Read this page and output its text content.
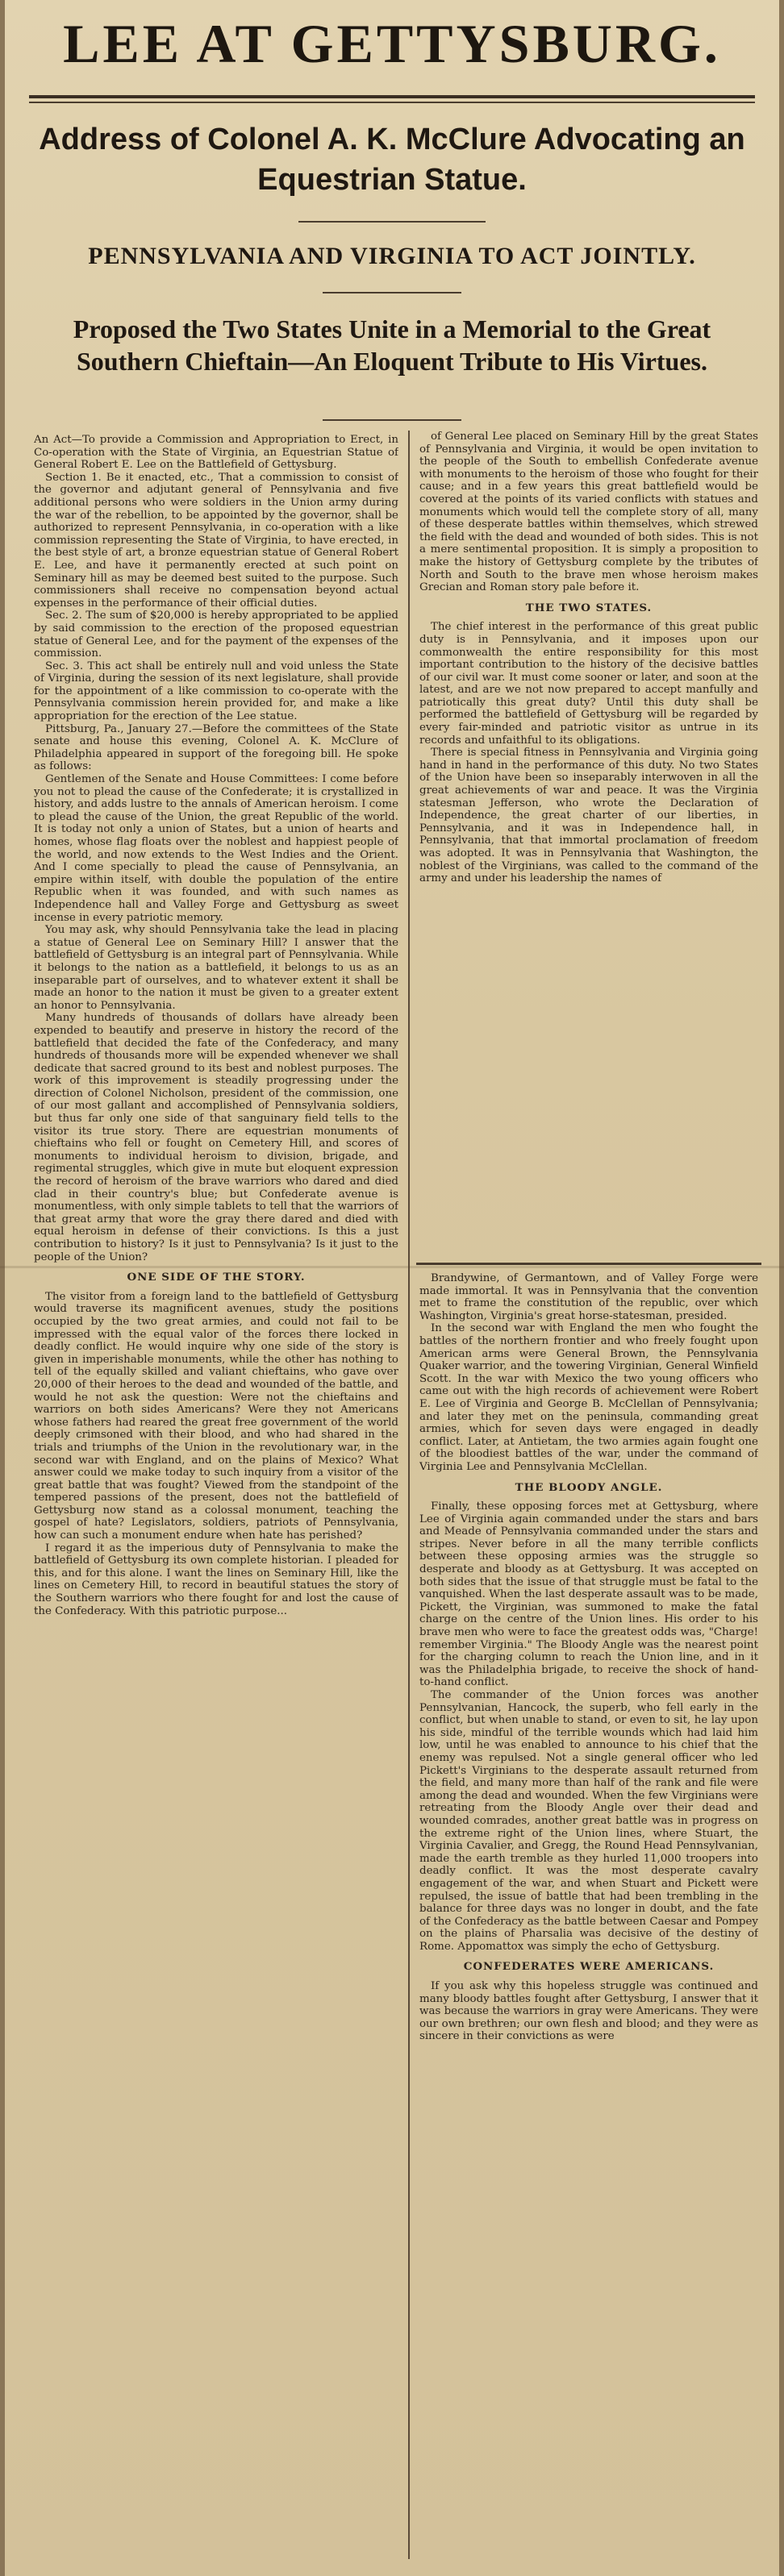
LEE AT GETTYSBURG.
Address of Colonel A. K. McClure Advocating an Equestrian Statue.
PENNSYLVANIA AND VIRGINIA TO ACT JOINTLY.
Proposed the Two States Unite in a Memorial to the Great Southern Chieftain—An Eloquent Tribute to His Virtues.

An Act—To provide a Commission and Appropriation to Erect, in Co-operation with the State of Virginia, an Equestrian Statue of General Robert E. Lee on the Battlefield of Gettysburg.

Section 1. Be it enacted, etc., That a commission to consist of the governor and adjutant general of Pennsylvania and five additional persons who were soldiers in the Union army during the war of the rebellion, to be appointed by the governor, shall be authorized to represent Pennsylvania, in co-operation with a like commission representing the State of Virginia, to have erected, in the best style of art, a bronze equestrian statue of General Robert E. Lee, and have it permanently erected at such point on Seminary hill as may be deemed best suited to the purpose. Such commissioners shall receive no compensation beyond actual expenses in the performance of their official duties.

Sec. 2. The sum of $20,000 is hereby appropriated to be applied by said commission to the erection of the proposed equestrian statue of General Lee, and for the payment of the expenses of the commission.

Sec. 3. This act shall be entirely null and void unless the State of Virginia, during the session of its next legislature, shall provide for the appointment of a like commission to co-operate with the Pennsylvania commission herein provided for, and make a like appropriation for the erection of the Lee statue.

Pittsburg, Pa., January 27.—Before the committees of the State senate and house this evening, Colonel A. K. McClure of Philadelphia appeared in support of the foregoing bill. He spoke as follows:

Gentlemen of the Senate and House Committees: I come before you not to plead the cause of the Confederate; it is crystallized in history, and adds lustre to the annals of American heroism. I come to plead the cause of the Union, the great Republic of the world. It is today not only a union of States, but a union of hearts and homes, whose flag floats over the noblest and happiest people of the world, and now extends to the West Indies and the Orient. And I come specially to plead the cause of Pennsylvania, an empire within itself, with double the population of the entire Republic when it was founded, and with such names as Independence hall and Valley Forge and Gettysburg as sweet incense in every patriotic memory.

You may ask, why should Pennsylvania take the lead in placing a statue of General Lee on Seminary Hill? I answer that the battlefield of Gettysburg is an integral part of Pennsylvania. While it belongs to the nation as a battlefield, it belongs to us as an inseparable part of ourselves, and to whatever extent it shall be made an honor to the nation it must be given to a greater extent an honor to Pennsylvania.

Many hundreds of thousands of dollars have already been expended to beautify and preserve in history the record of the battlefield that decided the fate of the Confederacy, and many hundreds of thousands more will be expended whenever we shall dedicate that sacred ground to its best and noblest purposes. The work of this improvement is steadily progressing under the direction of Colonel Nicholson, president of the commission, one of our most gallant and accomplished of Pennsylvania soldiers, but thus far only one side of that sanguinary field tells to the visitor its true story. There are equestrian monuments of chieftains who fell or fought on Cemetery Hill, and scores of monuments to individual heroism to division, brigade, and regimental struggles, which give in mute but eloquent expression the record of heroism of the brave warriors who dared and died clad in their country's blue; but Confederate avenue is monumentless, with only simple tablets to tell that the warriors of that great army that wore the gray there dared and died with equal heroism in defense of their convictions. Is this a just contribution to history? Is it just to Pennsylvania? Is it just to the people of the Union?

ONE SIDE OF THE STORY.

The visitor from a foreign land to the battlefield of Gettysburg would traverse its magnificent avenues, study the positions occupied by the two great armies, and could not fail to be impressed with the equal valor of the forces there locked in deadly conflict. He would inquire why one side of the story is given in imperishable monuments, while the other has nothing to tell of the equally skilled and valiant chieftains, who gave over 20,000 of their heroes to the dead and wounded of the battle, and would he not ask the question: Were not the chieftains and warriors on both sides Americans? Were they not Americans whose fathers had reared the great free government of the world deeply crimsoned with their blood, and who had shared in the trials and triumphs of the Union in the revolutionary war, in the second war with England, and on the plains of Mexico? What answer could we make today to such inquiry from a visitor of the great battle that was fought? Viewed from the standpoint of the tempered passions of the present, does not the battlefield of Gettysburg now stand as a colossal monument, teaching the gospel of hate? Legislators, soldiers, patriots of Pennsylvania, how can such a monument endure when hate has perished?

I regard it as the imperious duty of Pennsylvania to make the battlefield of Gettysburg its own complete historian. I pleaded for this, and for this alone. I want the lines on Seminary Hill, like the lines on Cemetery Hill, to record in beautiful statues the story of the Southern warriors who there fought for and lost the cause of the Confederacy. With this patriotic purpose...

of General Lee placed on Seminary Hill by the great States of Pennsylvania and Virginia, it would be open invitation to the people of the South to embellish Confederate avenue with monuments to the heroism of those who fought for their cause; and in a few years this great battlefield would be covered at the points of its varied conflicts with statues and monuments which would tell the complete story of all, many of these desperate battles within themselves, which strewed the field with the dead and wounded of both sides. This is not a mere sentimental proposition. It is simply a proposition to make the history of Gettysburg complete by the tributes of North and South to the brave men whose heroism makes Grecian and Roman story pale before it.

THE TWO STATES.

The chief interest in the performance of this great public duty is in Pennsylvania, and it imposes upon our commonwealth the entire responsibility for this most important contribution to the history of the decisive battles of our civil war. It must come sooner or later, and soon at the latest, and are we not now prepared to accept manfully and patriotically this great duty? Until this duty shall be performed the battlefield of Gettysburg will be regarded by every fair-minded and patriotic visitor as untrue in its records and unfaithful to its obligations.

There is special fitness in Pennsylvania and Virginia going hand in hand in the performance of this duty. No two States of the Union have been so inseparably interwoven in all the great achievements of war and peace. It was the Virginia statesman Jefferson, who wrote the Declaration of Independence, the great charter of our liberties, in Pennsylvania, and it was in Independence hall, in Pennsylvania, that that immortal proclamation of freedom was adopted. It was in Pennsylvania that Washington, the noblest of the Virginians, was called to the command of the army and under his leadership the names of

Brandywine, of Germantown, and of Valley Forge were made immortal. It was in Pennsylvania that the convention met to frame the constitution of the republic, over which Washington, Virginia's great horse-statesman, presided.

In the second war with England the men who fought the battles of the northern frontier and who freely fought upon American arms were General Brown, the Pennsylvania Quaker warrior, and the towering Virginian, General Winfield Scott. In the war with Mexico the two young officers who came out with the high records of achievement were Robert E. Lee of Virginia and George B. McClellan of Pennsylvania; and later they met on the peninsula, commanding great armies, which for seven days were engaged in deadly conflict. Later, at Antietam, the two armies again fought one of the bloodiest battles of the war, under the command of Virginia Lee and Pennsylvania McClellan.

THE BLOODY ANGLE.

Finally, these opposing forces met at Gettysburg, where Lee of Virginia again commanded under the stars and bars and Meade of Pennsylvania commanded under the stars and stripes. Never before in all the many terrible conflicts between these opposing armies was the struggle so desperate and bloody as at Gettysburg. It was accepted on both sides that the issue of that struggle must be fatal to the vanquished. When the last desperate assault was to be made, Pickett, the Virginian, was summoned to make the fatal charge on the centre of the Union lines. His order to his brave men who were to face the greatest odds was, "Charge! remember Virginia." The Bloody Angle was the nearest point for the charging column to reach the Union line, and in it was the Philadelphia brigade, to receive the shock of hand-to-hand conflict.

The commander of the Union forces was another Pennsylvanian, Hancock, the superb, who fell early in the conflict, but when unable to stand, or even to sit, he lay upon his side, mindful of the terrible wounds which had laid him low, until he was enabled to announce to his chief that the enemy was repulsed. Not a single general officer who led Pickett's Virginians to the desperate assault returned from the field, and many more than half of the rank and file were among the dead and wounded. When the few Virginians were retreating from the Bloody Angle over their dead and wounded comrades, another great battle was in progress on the extreme right of the Union lines, where Stuart, the Virginia Cavalier, and Gregg, the Round Head Pennsylvanian, made the earth tremble as they hurled 11,000 troopers into deadly conflict. It was the most desperate cavalry engagement of the war, and when Stuart and Pickett were repulsed, the issue of battle that had been trembling in the balance for three days was no longer in doubt, and the fate of the Confederacy as the battle between Caesar and Pompey on the plains of Pharsalia was decisive of the destiny of Rome. Appomattox was simply the echo of Gettysburg.

CONFEDERATES WERE AMERICANS.

If you ask why this hopeless struggle was continued and many bloody battles fought after Gettysburg, I answer that it was because the warriors in gray were Americans. They were our own brethren; our own flesh and blood; and they were as sincere in their convictions as were
